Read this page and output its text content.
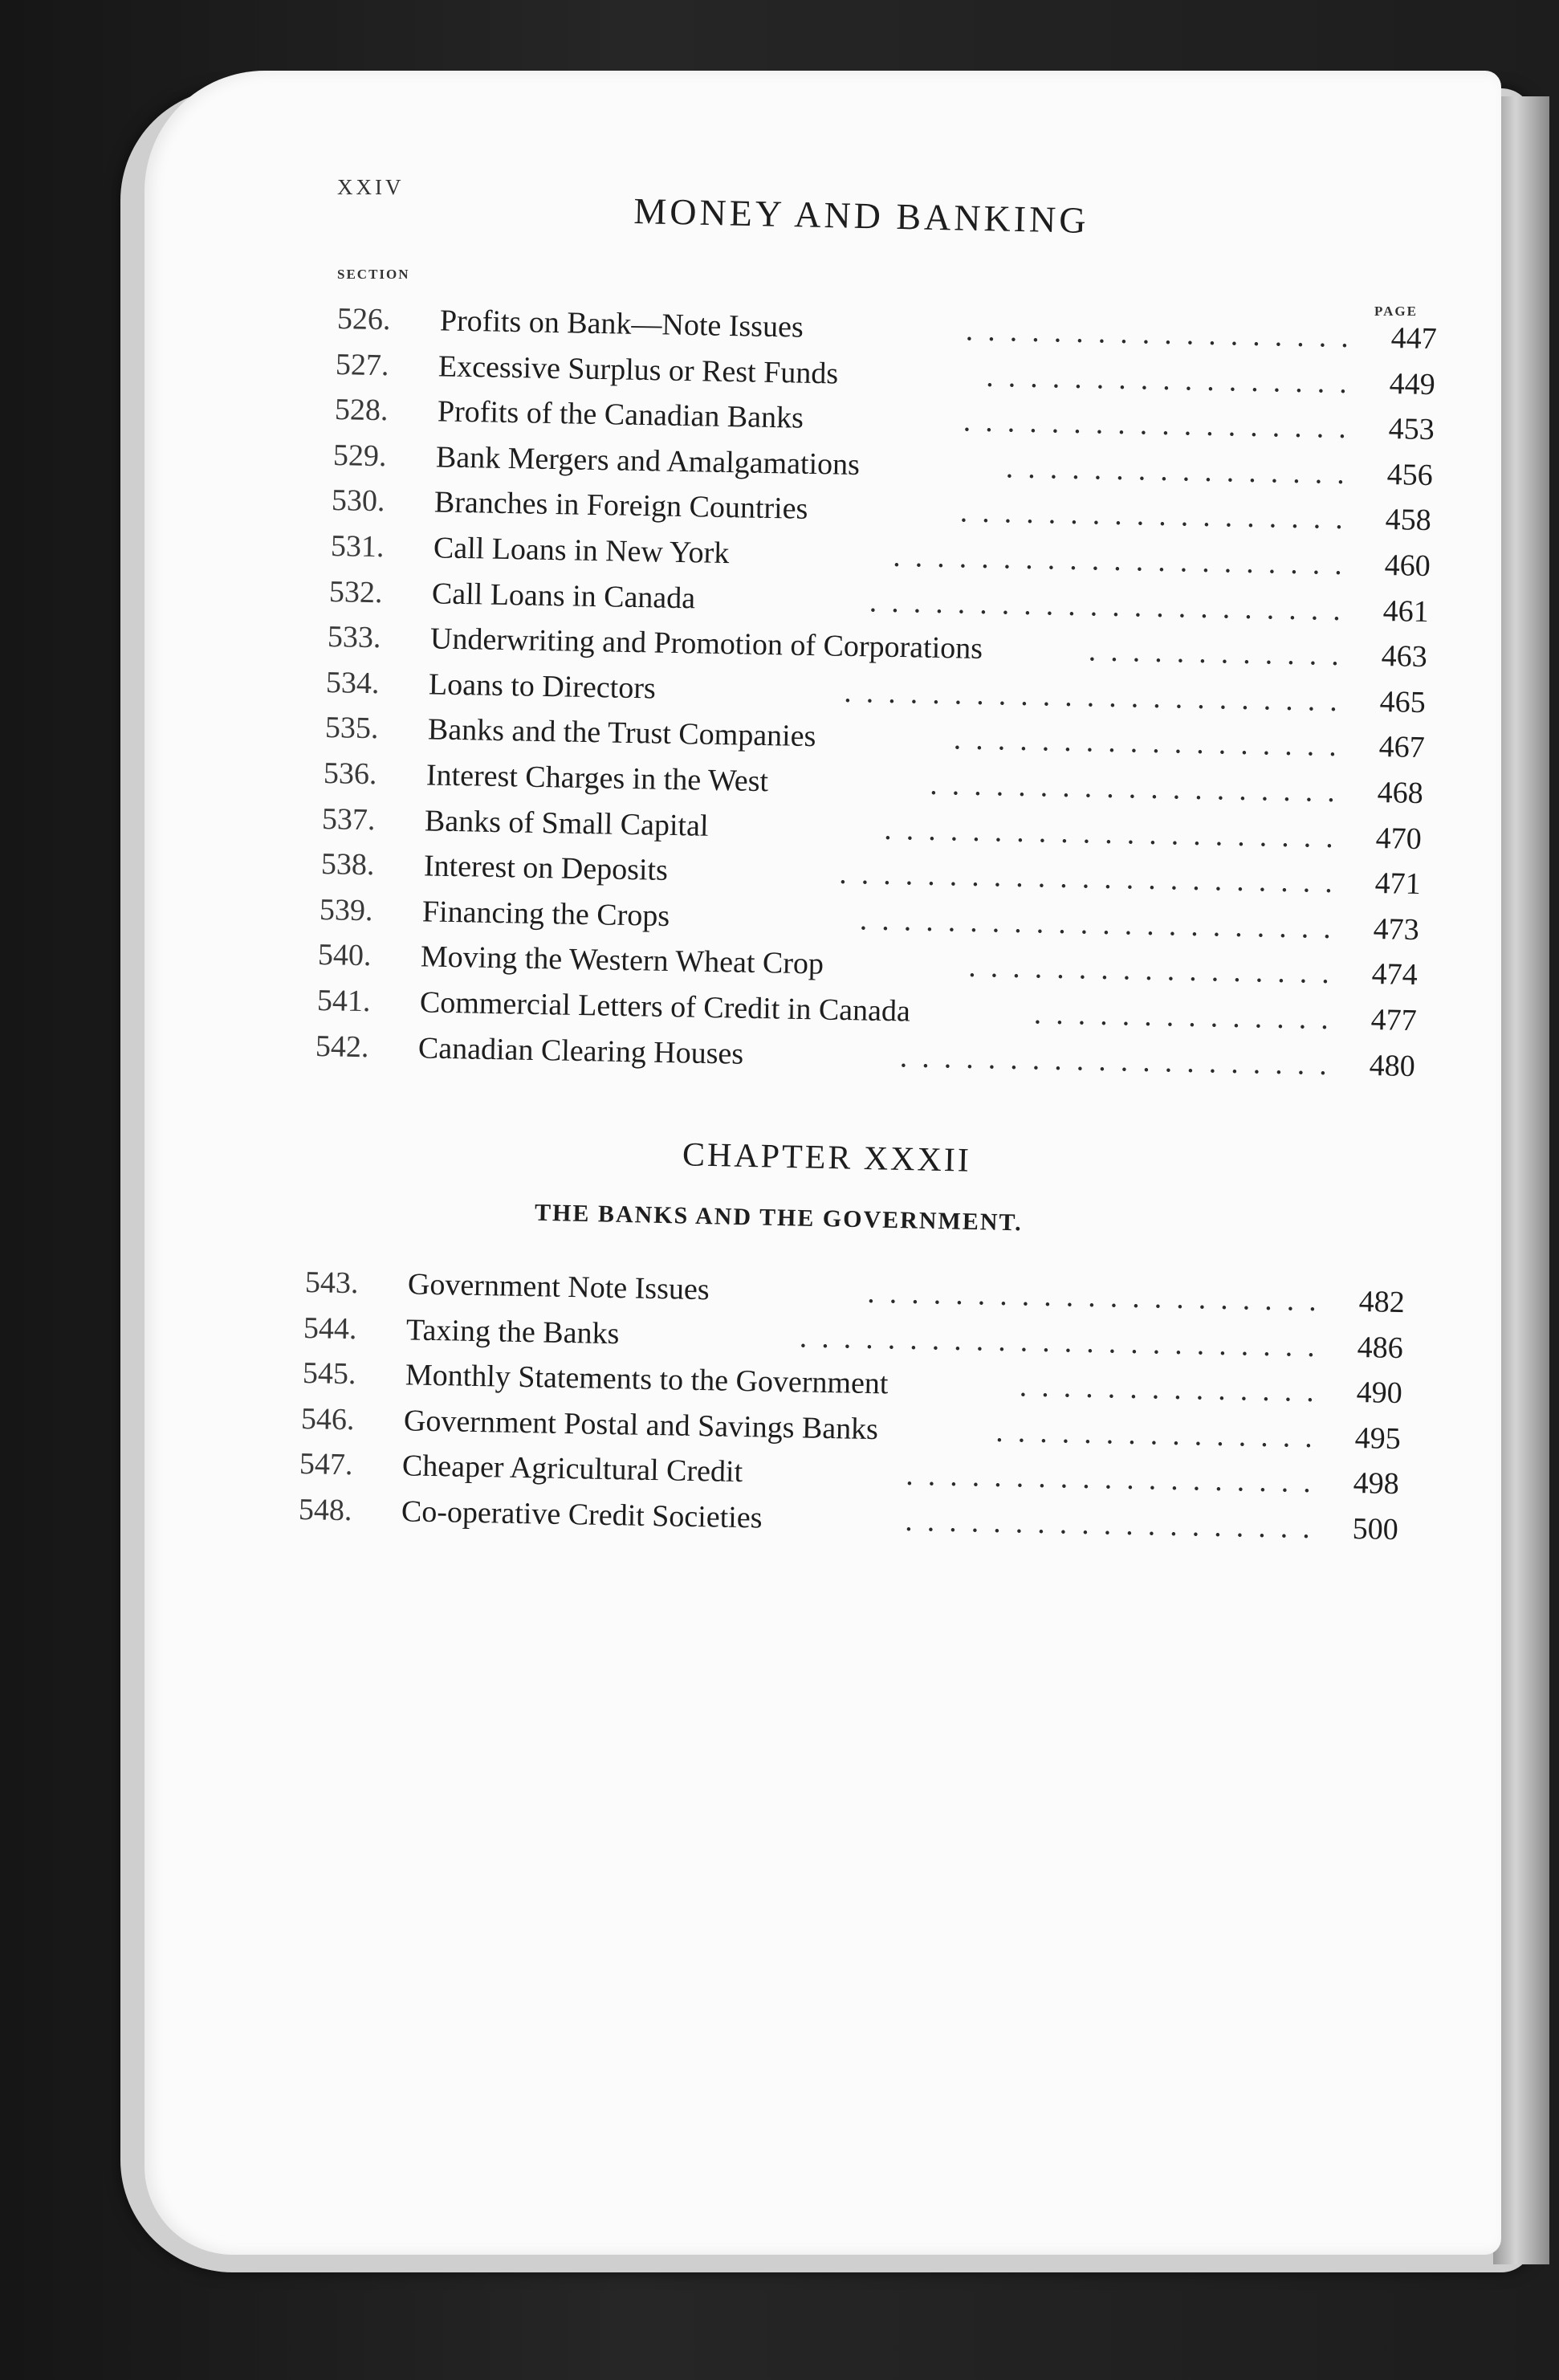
XXIV
MONEY AND BANKING
SECTION
PAGE
526.	Profits on Bank—Note Issues	.................. 447
527.	Excessive Surplus or Rest Funds	................. 449
528.	Profits of the Canadian Banks	.................. 453
529.	Bank Mergers and Amalgamations	................ 456
530.	Branches in Foreign Countries	.................. 458
531.	Call Loans in New York	..................... 460
532.	Call Loans in Canada	...................... 461
533.	Underwriting and Promotion of Corporations	............ 463
534.	Loans to Directors	....................... 465
535.	Banks and the Trust Companies	.................. 467
536.	Interest Charges in the West	................... 468
537.	Banks of Small Capital	..................... 470
538.	Interest on Deposits	....................... 471
539.	Financing the Crops	...................... 473
540.	Moving the Western Wheat Crop	................. 474
541.	Commercial Letters of Credit in Canada	.............. 477
542.	Canadian Clearing Houses	.................... 480
CHAPTER XXXII
THE BANKS AND THE GOVERNMENT.
543.	Government Note Issues	..................... 482
544.	Taxing the Banks	........................ 486
545.	Monthly Statements to the Government	.............. 490
546.	Government Postal and Savings Banks	............... 495
547.	Cheaper Agricultural Credit	................... 498
548.	Co-operative Credit Societies	................... 500
